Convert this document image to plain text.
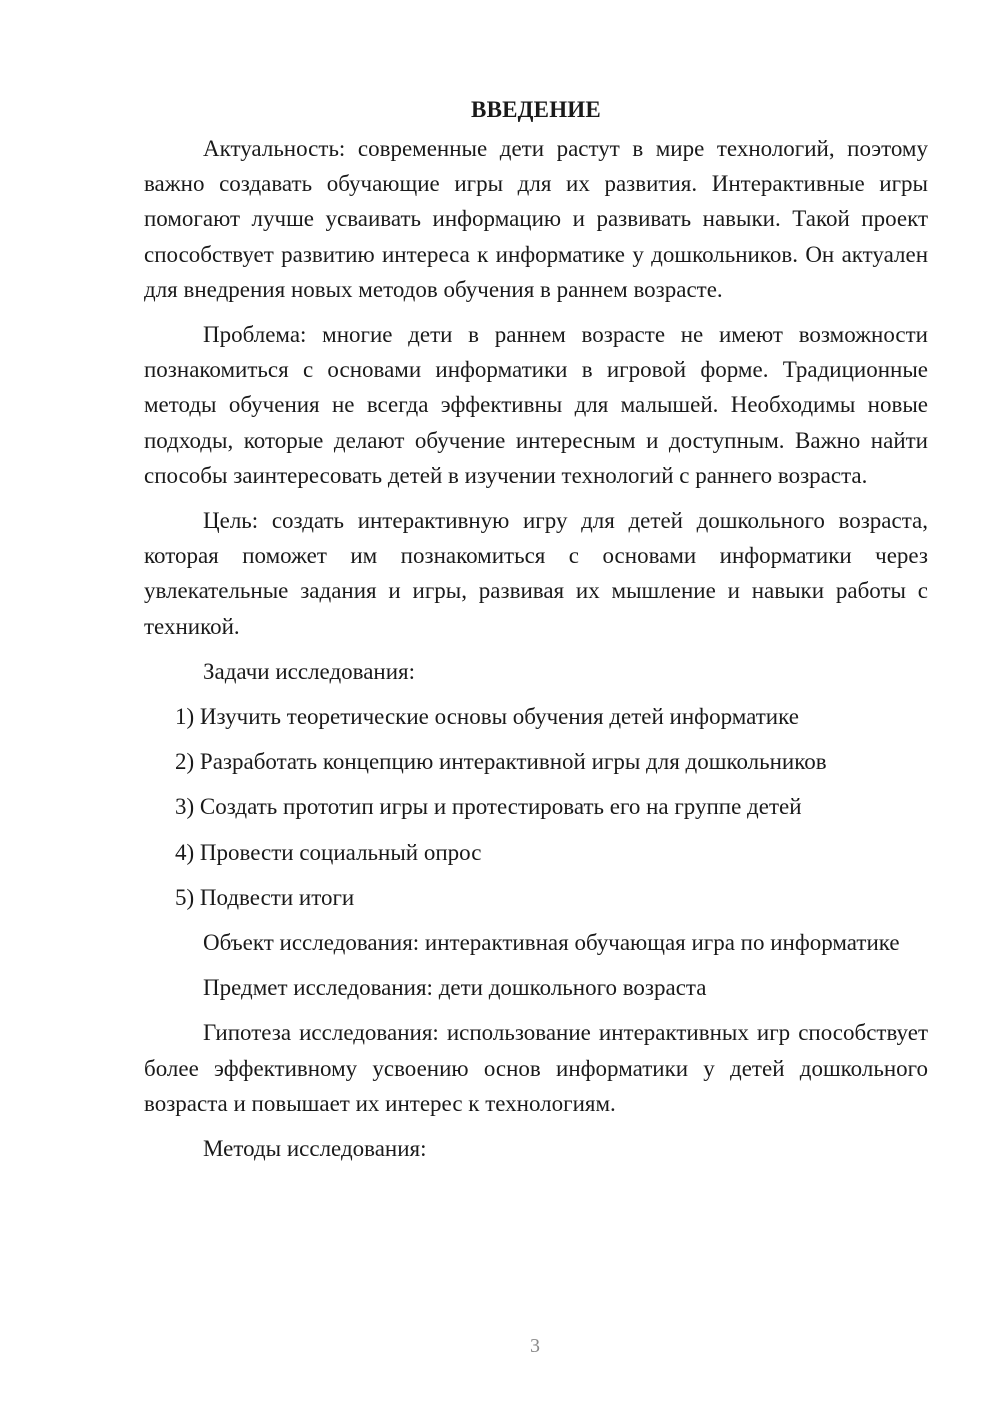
ВВЕДЕНИЕ

Актуальность: современные дети растут в мире технологий, поэтому важно создавать обучающие игры для их развития. Интерактивные игры помогают лучше усваивать информацию и развивать навыки. Такой проект способствует развитию интереса к информатике у дошкольников. Он актуален для внедрения новых методов обучения в раннем возрасте.

Проблема: многие дети в раннем возрасте не имеют возможности познакомиться с основами информатики в игровой форме. Традиционные методы обучения не всегда эффективны для малышей. Необходимы новые подходы, которые делают обучение интересным и доступным. Важно найти способы заинтересовать детей в изучении технологий с раннего возраста.

Цель: создать интерактивную игру для детей дошкольного возраста, которая поможет им познакомиться с основами информатики через увлекательные задания и игры, развивая их мышление и навыки работы с техникой.

Задачи исследования:

1) Изучить теоретические основы обучения детей информатике
2) Разработать концепцию интерактивной игры для дошкольников
3) Создать прототип игры и протестировать его на группе детей
4) Провести социальный опрос
5) Подвести итоги

Объект исследования: интерактивная обучающая игра по информатике

Предмет исследования: дети дошкольного возраста

Гипотеза исследования: использование интерактивных игр способствует более эффективному усвоению основ информатики у детей дошкольного возраста и повышает их интерес к технологиям.

Методы исследования:

3
